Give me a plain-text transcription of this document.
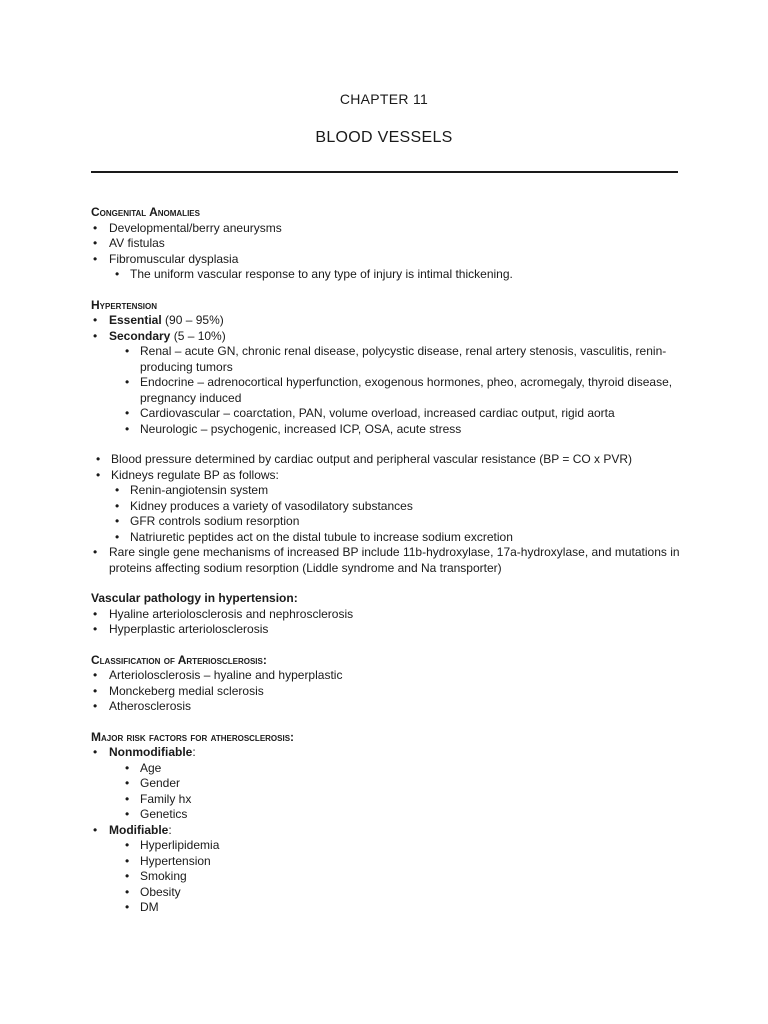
CHAPTER 11
BLOOD VESSELS
Congenital Anomalies
• Developmental/berry aneurysms
• AV fistulas
• Fibromuscular dysplasia
• The uniform vascular response to any type of injury is intimal thickening.
Hypertension
• Essential (90 – 95%)
• Secondary (5 – 10%)
• Renal – acute GN, chronic renal disease, polycystic disease, renal artery stenosis, vasculitis, renin-producing tumors
• Endocrine – adrenocortical hyperfunction, exogenous hormones, pheo, acromegaly, thyroid disease, pregnancy induced
• Cardiovascular – coarctation, PAN, volume overload, increased cardiac output, rigid aorta
• Neurologic – psychogenic, increased ICP, OSA, acute stress
• Blood pressure determined by cardiac output and peripheral vascular resistance (BP = CO x PVR)
• Kidneys regulate BP as follows:
• Renin-angiotensin system
• Kidney produces a variety of vasodilatory substances
• GFR controls sodium resorption
• Natriuretic peptides act on the distal tubule to increase sodium excretion
• Rare single gene mechanisms of increased BP include 11b-hydroxylase, 17a-hydroxylase, and mutations in proteins affecting sodium resorption (Liddle syndrome and Na transporter)
Vascular pathology in hypertension:
• Hyaline arteriolosclerosis and nephrosclerosis
• Hyperplastic arteriolosclerosis
Classification of Arteriosclerosis:
• Arteriolosclerosis – hyaline and hyperplastic
• Monckeberg medial sclerosis
• Atherosclerosis
Major risk factors for atherosclerosis:
• Nonmodifiable:
• Age
• Gender
• Family hx
• Genetics
• Modifiable:
• Hyperlipidemia
• Hypertension
• Smoking
• Obesity
• DM
